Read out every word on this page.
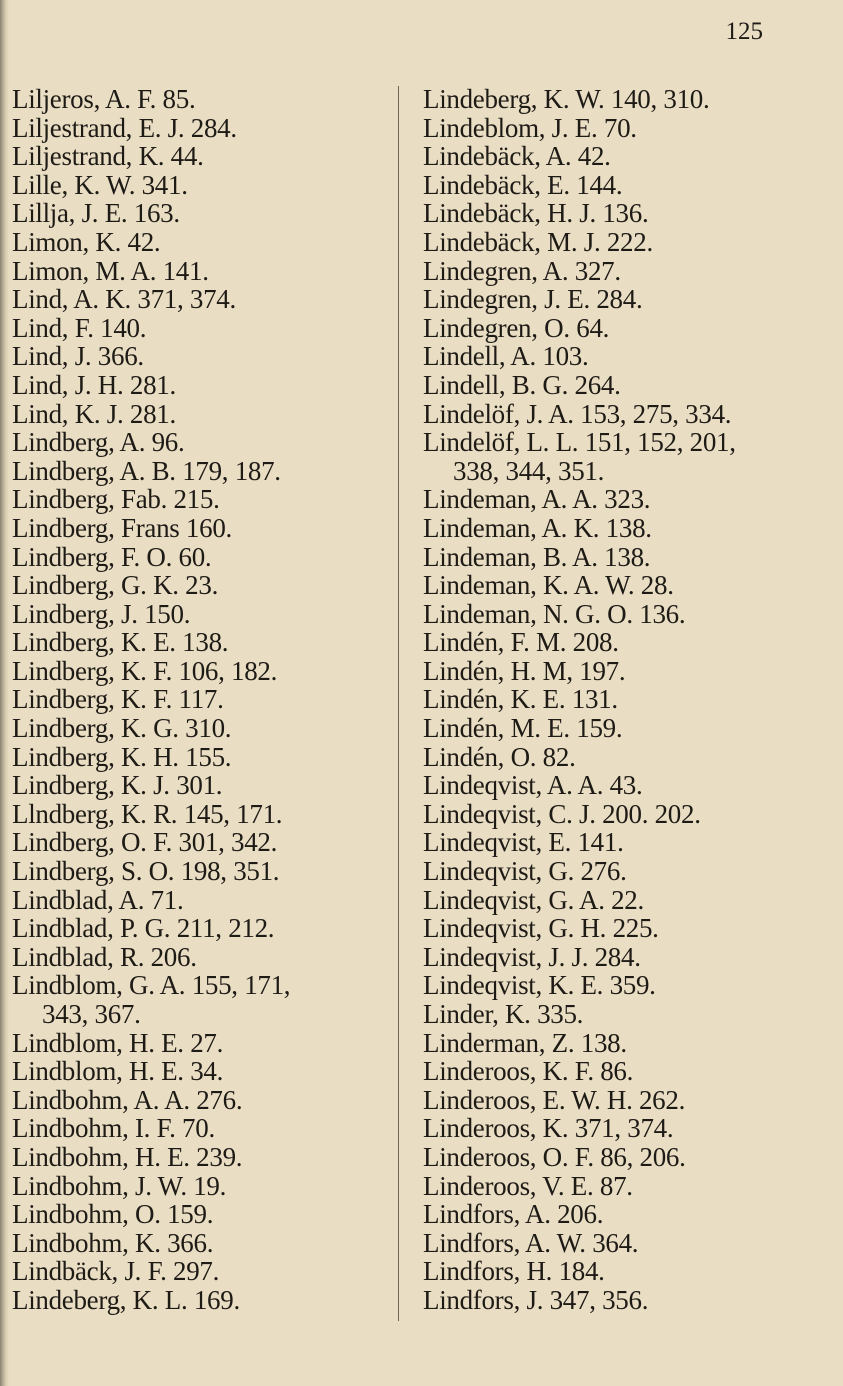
125
Liljeros, A. F. 85.
Liljestrand, E. J. 284.
Liljestrand, K. 44.
Lille, K. W. 341.
Lillja, J. E. 163.
Limon, K. 42.
Limon, M. A. 141.
Lind, A. K. 371, 374.
Lind, F. 140.
Lind, J. 366.
Lind, J. H. 281.
Lind, K. J. 281.
Lindberg, A. 96.
Lindberg, A. B. 179, 187.
Lindberg, Fab. 215.
Lindberg, Frans 160.
Lindberg, F. O. 60.
Lindberg, G. K. 23.
Lindberg, J. 150.
Lindberg, K. E. 138.
Lindberg, K. F. 106, 182.
Lindberg, K. F. 117.
Lindberg, K. G. 310.
Lindberg, K. H. 155.
Lindberg, K. J. 301.
Llndberg, K. R. 145, 171.
Lindberg, O. F. 301, 342.
Lindberg, S. O. 198, 351.
Lindblad, A. 71.
Lindblad, P. G. 211, 212.
Lindblad, R. 206.
Lindblom, G. A. 155, 171,
343, 367.
Lindblom, H. E. 27.
Lindblom, H. E. 34.
Lindbohm, A. A. 276.
Lindbohm, I. F. 70.
Lindbohm, H. E. 239.
Lindbohm, J. W. 19.
Lindbohm, O. 159.
Lindbohm, K. 366.
Lindbäck, J. F. 297.
Lindeberg, K. L. 169.
Lindeberg, K. W. 140, 310.
Lindeblom, J. E. 70.
Lindebäck, A. 42.
Lindebäck, E. 144.
Lindebäck, H. J. 136.
Lindebäck, M. J. 222.
Lindegren, A. 327.
Lindegren, J. E. 284.
Lindegren, O. 64.
Lindell, A. 103.
Lindell, B. G. 264.
Lindelöf, J. A. 153, 275, 334.
Lindelöf, L. L. 151, 152, 201,
338, 344, 351.
Lindeman, A. A. 323.
Lindeman, A. K. 138.
Lindeman, B. A. 138.
Lindeman, K. A. W. 28.
Lindeman, N. G. O. 136.
Lindén, F. M. 208.
Lindén, H. M, 197.
Lindén, K. E. 131.
Lindén, M. E. 159.
Lindén, O. 82.
Lindeqvist, A. A. 43.
Lindeqvist, C. J. 200. 202.
Lindeqvist, E. 141.
Lindeqvist, G. 276.
Lindeqvist, G. A. 22.
Lindeqvist, G. H. 225.
Lindeqvist, J. J. 284.
Lindeqvist, K. E. 359.
Linder, K. 335.
Linderman, Z. 138.
Linderoos, K. F. 86.
Linderoos, E. W. H. 262.
Linderoos, K. 371, 374.
Linderoos, O. F. 86, 206.
Linderoos, V. E. 87.
Lindfors, A. 206.
Lindfors, A. W. 364.
Lindfors, H. 184.
Lindfors, J. 347, 356.
